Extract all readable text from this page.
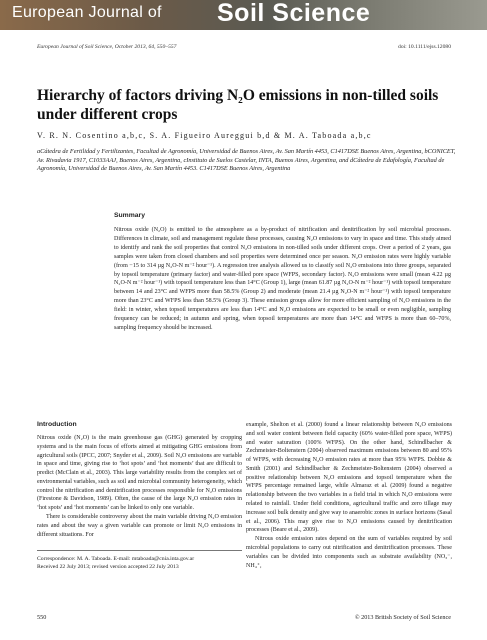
European Journal of Soil Science
European Journal of Soil Science, October 2013, 64, 550–557	doi: 10.1111/ejss.12080
Hierarchy of factors driving N₂O emissions in non-tilled soils under different crops
V. R. N. Cosentino a,b,c, S. A. Figueiro Aureggui b,d & M. A. Taboada a,b,c
aCátedra de Fertilidad y Fertilizantes, Facultad de Agronomía, Universidad de Buenos Aires, Av. San Martín 4453, C1417DSE Buenos Aires, Argentina, bCONICET, Av. Rivadavia 1917, C1033AAJ, Buenos Aires, Argentina, cInstituto de Suelos Castelar, INTA, Buenos Aires, Argentina, and dCátedra de Edafología, Facultad de Agronomía, Universidad de Buenos Aires, Av. San Martín 4453. C1417DSE Buenos Aires, Argentina
Summary
Nitrous oxide (N₂O) is emitted to the atmosphere as a by-product of nitrification and denitrification by soil microbial processes. Differences in climate, soil and management regulate these processes, causing N₂O emissions to vary in space and time. This study aimed to identify and rank the soil properties that control N₂O emissions in non-tilled soils under different crops. Over a period of 2 years, gas samples were taken from closed chambers and soil properties were determined once per season. N₂O emission rates were highly variable (from −15 to 314 µg N₂O-N m⁻² hour⁻¹). A regression tree analysis allowed us to classify soil N₂O emissions into three groups, separated by topsoil temperature (primary factor) and water-filled pore space (WFPS, secondary factor). N₂O emissions were small (mean 4.22 µg N₂O-N m⁻² hour⁻¹) with topsoil temperature less than 14°C (Group 1), large (mean 61.87 µg N₂O-N m⁻² hour⁻¹) with topsoil temperature between 14 and 23°C and WFPS more than 58.5% (Group 2) and moderate (mean 21.4 µg N₂O-N m⁻² hour⁻¹) with topsoil temperature more than 23°C and WFPS less than 58.5% (Group 3). These emission groups allow for more efficient sampling of N₂O emissions in the field: in winter, when topsoil temperatures are less than 14°C and N₂O emissions are expected to be small or even negligible, sampling frequency can be reduced; in autumn and spring, when topsoil temperatures are more than 14°C and WFPS is more than 60–70%, sampling frequency should be increased.
Introduction

Nitrous oxide (N₂O) is the main greenhouse gas (GHG) generated by cropping systems and is the main focus of efforts aimed at mitigating GHG emissions from agricultural soils (IPCC, 2007; Snyder et al., 2009). Soil N₂O emissions are variable in space and time, giving rise to ‘hot spots’ and ‘hot moments’ that are difficult to predict (McClain et al., 2003). This large variability results from the complex set of environmental variables, such as soil and microbial community heterogeneity, which control the nitrification and denitrification processes responsible for N₂O emissions (Firestone & Davidson, 1989). Often, the cause of the large N₂O emission rates in ‘hot spots’ and ‘hot moments’ can be linked to only one variable.

There is considerable controversy about the main variable driving N₂O emission rates and about the way a given variable can promote or limit N₂O emissions in different situations. For

example, Shelton et al. (2000) found a linear relationship between N₂O emissions and soil water content between field capacity (60% water-filled pore space, WFPS) and water saturation (100% WFPS). On the other hand, Schindlbacher & Zechmeister-Boltenstern (2004) observed maximum emissions between 80 and 95% of WFPS, with decreasing N₂O emission rates at more than 95% WFPS. Dobbie & Smith (2001) and Schindlbacher & Zechmeister-Boltenstern (2004) observed a positive relationship between N₂O emissions and topsoil temperature when the WFPS percentage remained large, while Almaraz et al. (2009) found a negative relationship between the two variables in a field trial in which N₂O emissions were related to rainfall. Under field conditions, agricultural traffic and zero tillage may increase soil bulk density and give way to anaerobic zones in surface horizons (Sasal et al., 2006). This may give rise to N₂O emissions caused by denitrification processes (Beare et al., 2009).

Nitrous oxide emission rates depend on the sum of variables required by soil microbial populations to carry out nitrification and denitrification processes. These variables can be divided into components such as substrate availability (NO₃⁻, NH₄⁺,

Correspondence: M. A. Taboada. E-mail: mtaboada@cnia.inta.gov.ar
Received 22 July 2013; revised version accepted 22 July 2013
550	© 2013 British Society of Soil Science
